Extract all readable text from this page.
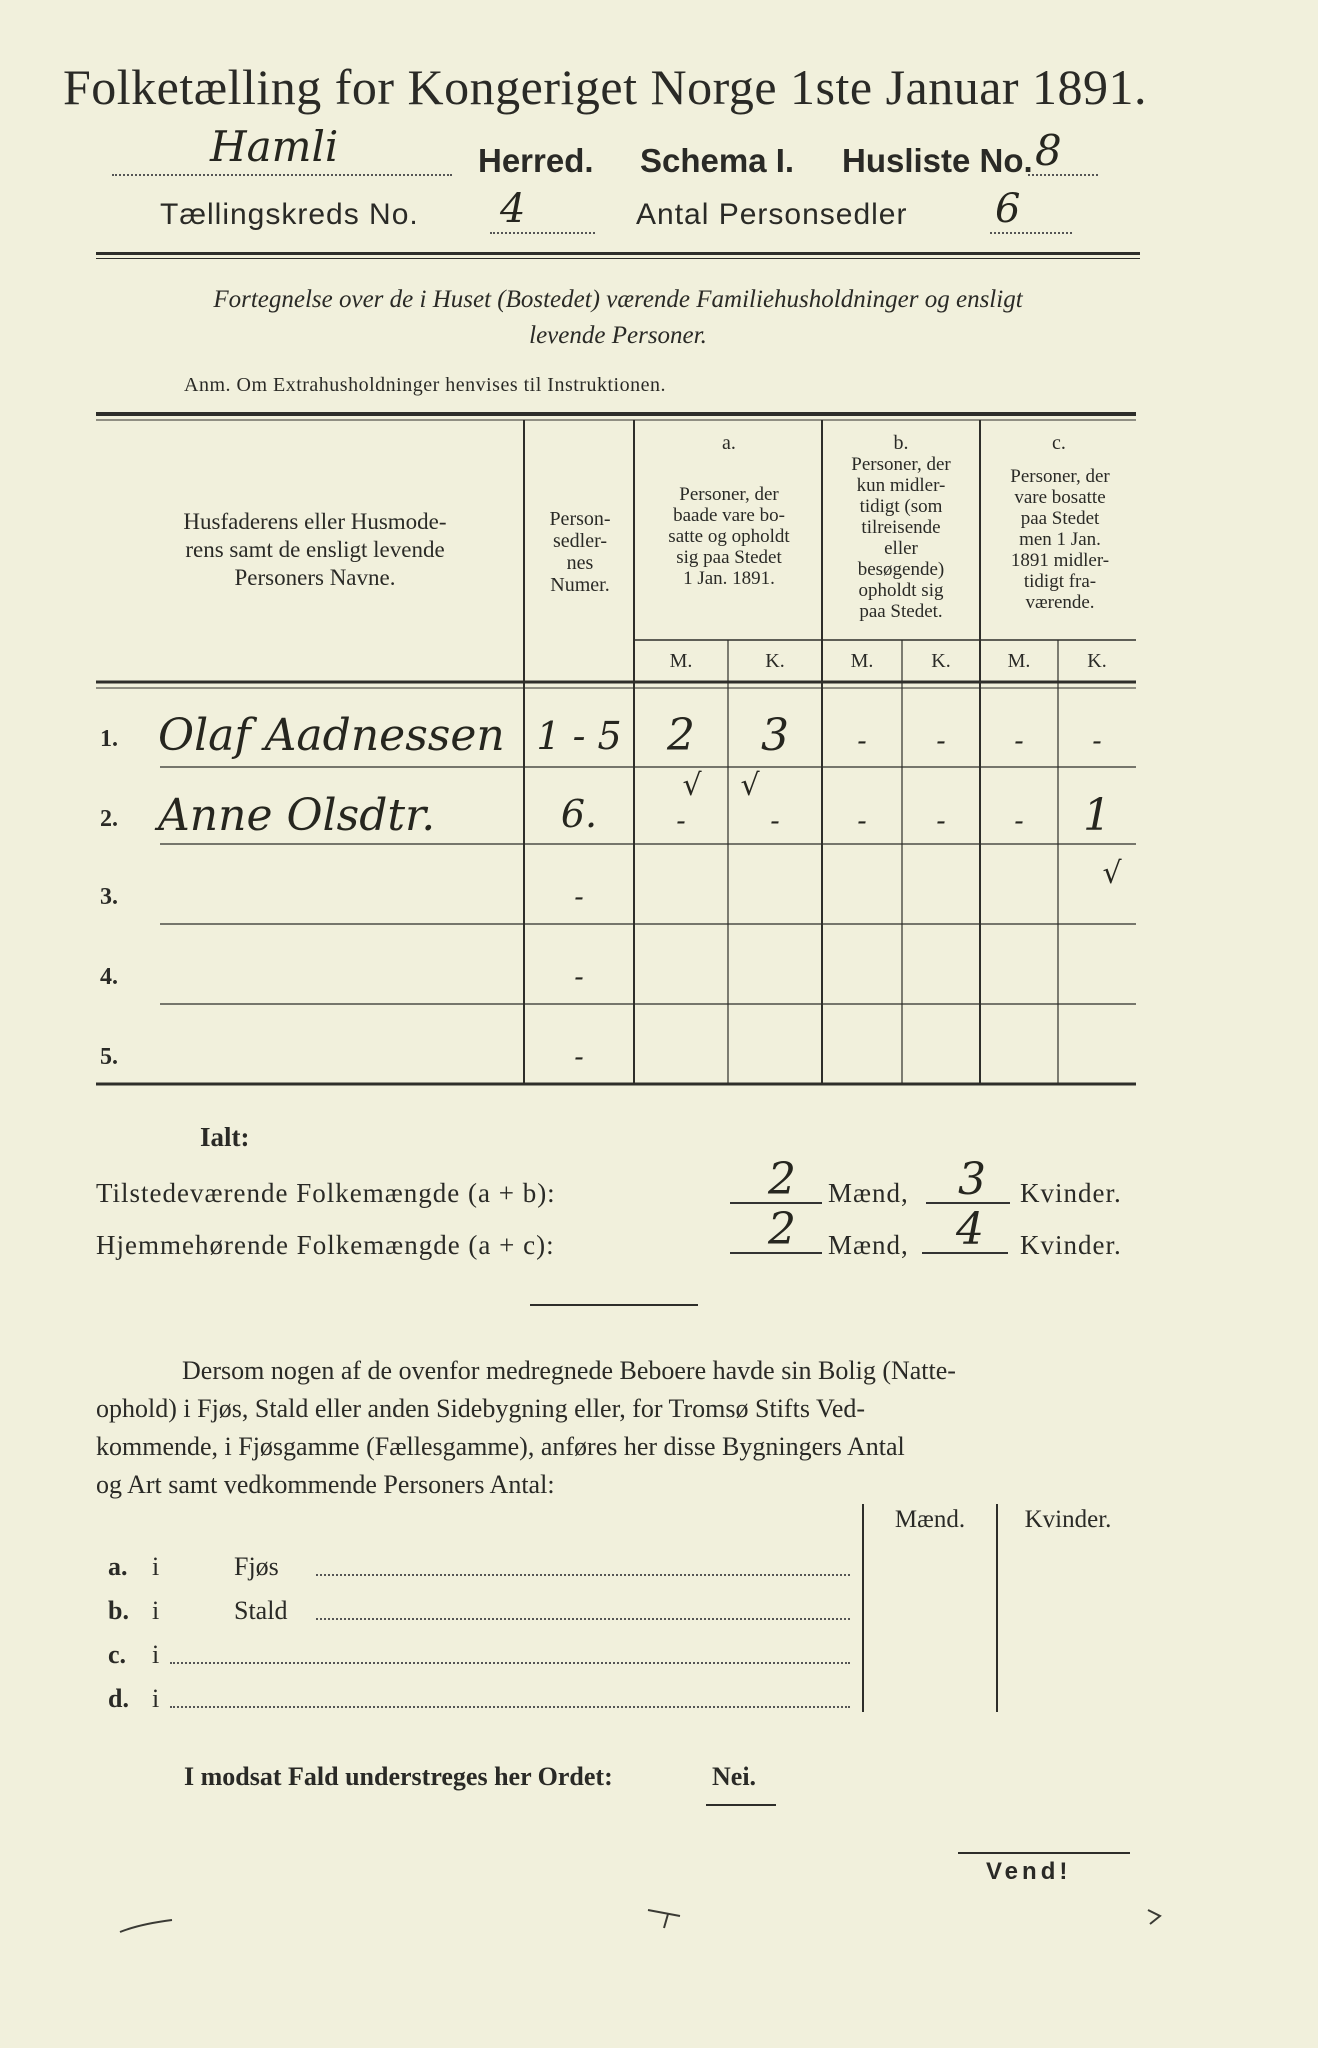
Folketælling for Kongeriget Norge 1ste Januar 1891.
Hamli	Herred. Schema I. Husliste No. 8
Tællingskreds No. 4	Antal Personsedler 6
Fortegnelse over de i Huset (Bostedet) værende Familiehusholdninger og ensligt
levende Personer.
Anm. Om Extrahusholdninger henvises til Instruktionen.
Husfaderens eller Husmode-
rens samt de ensligt levende
Personers Navne.
Person-
sedler-
nes
Numer.
a.
Personer, der
baade vare bo-
satte og opholdt
sig paa Stedet
1 Jan. 1891.
b.
Personer, der
kun midler-
tidigt (som
tilreisende
eller
besøgende)
opholdt sig
paa Stedet.
c.
Personer, der
vare bosatte
paa Stedet
men 1 Jan.
1891 midler-
tidigt fra-
værende.
M.	K.	M.	K.	M.	K.
1. Olaf Aadnessen 1 - 5	2	3	-	-	-	-
√	√
2. Anne Olsdtr.	6.	-	-	-	-	-	1
√
3.	-
4.	-
5.	-
Ialt:
Tilstedeværende Folkemængde (a + b):	2 Mænd, 3 Kvinder.
Hjemmehørende Folkemængde (a + c):	2 Mænd, 4 Kvinder.
Dersom nogen af de ovenfor medregnede Beboere havde sin Bolig (Natte-
ophold) i Fjøs, Stald eller anden Sidebygning eller, for Tromsø Stifts Ved-
kommende, i Fjøsgamme (Fællesgamme), anføres her disse Bygningers Antal
og Art samt vedkommende Personers Antal:
Mænd.	Kvinder.
a. i	Fjøs
b. i	Stald
c. i
d. i
I modsat Fald understreges her Ordet:	Nei.
Vend!
